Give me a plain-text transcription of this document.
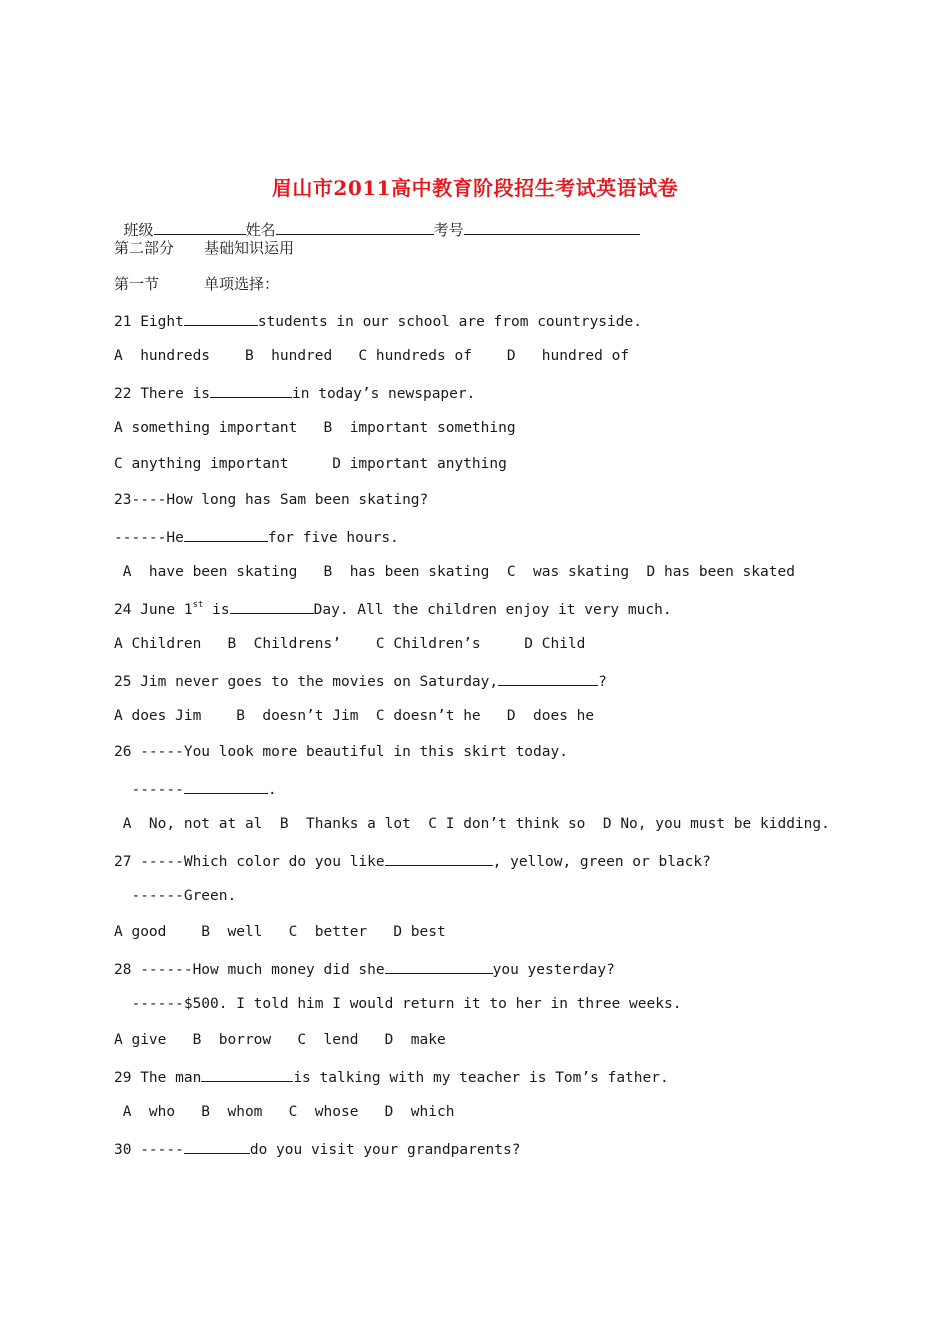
眉山市2011高中教育阶段招生考试英语试卷

班级	姓名	考号

第二部分　　基础知识运用
第一节　　　单项选择：
21 Eight	students in our school are from countryside.
A  hundreds    B  hundred   C hundreds of    D   hundred of
22 There is	in today’s newspaper.
A something important   B  important something
C anything important     D important anything
23----How long has Sam been skating?
------He	for five hours.
A  have been skating   B  has been skating  C  was skating  D has been skated
24 June 1st is	Day. All the children enjoy it very much.
A Children   B  Childrens’    C Children’s     D Child
25 Jim never goes to the movies on Saturday,	?
A does Jim    B  doesn’t Jim  C doesn’t he   D  does he
26 -----You look more beautiful in this skirt today.
------	.
A  No, not at al  B  Thanks a lot  C I don’t think so  D No, you must be kidding.
27 -----Which color do you like	, yellow, green or black?
------Green.
A good    B  well   C  better   D best
28 ------How much money did she	you yesterday?
------$500. I told him I would return it to her in three weeks.
A give   B  borrow   C  lend   D  make
29 The man	is talking with my teacher is Tom’s father.
A  who   B  whom   C  whose   D  which
30 -----	do you visit your grandparents?
